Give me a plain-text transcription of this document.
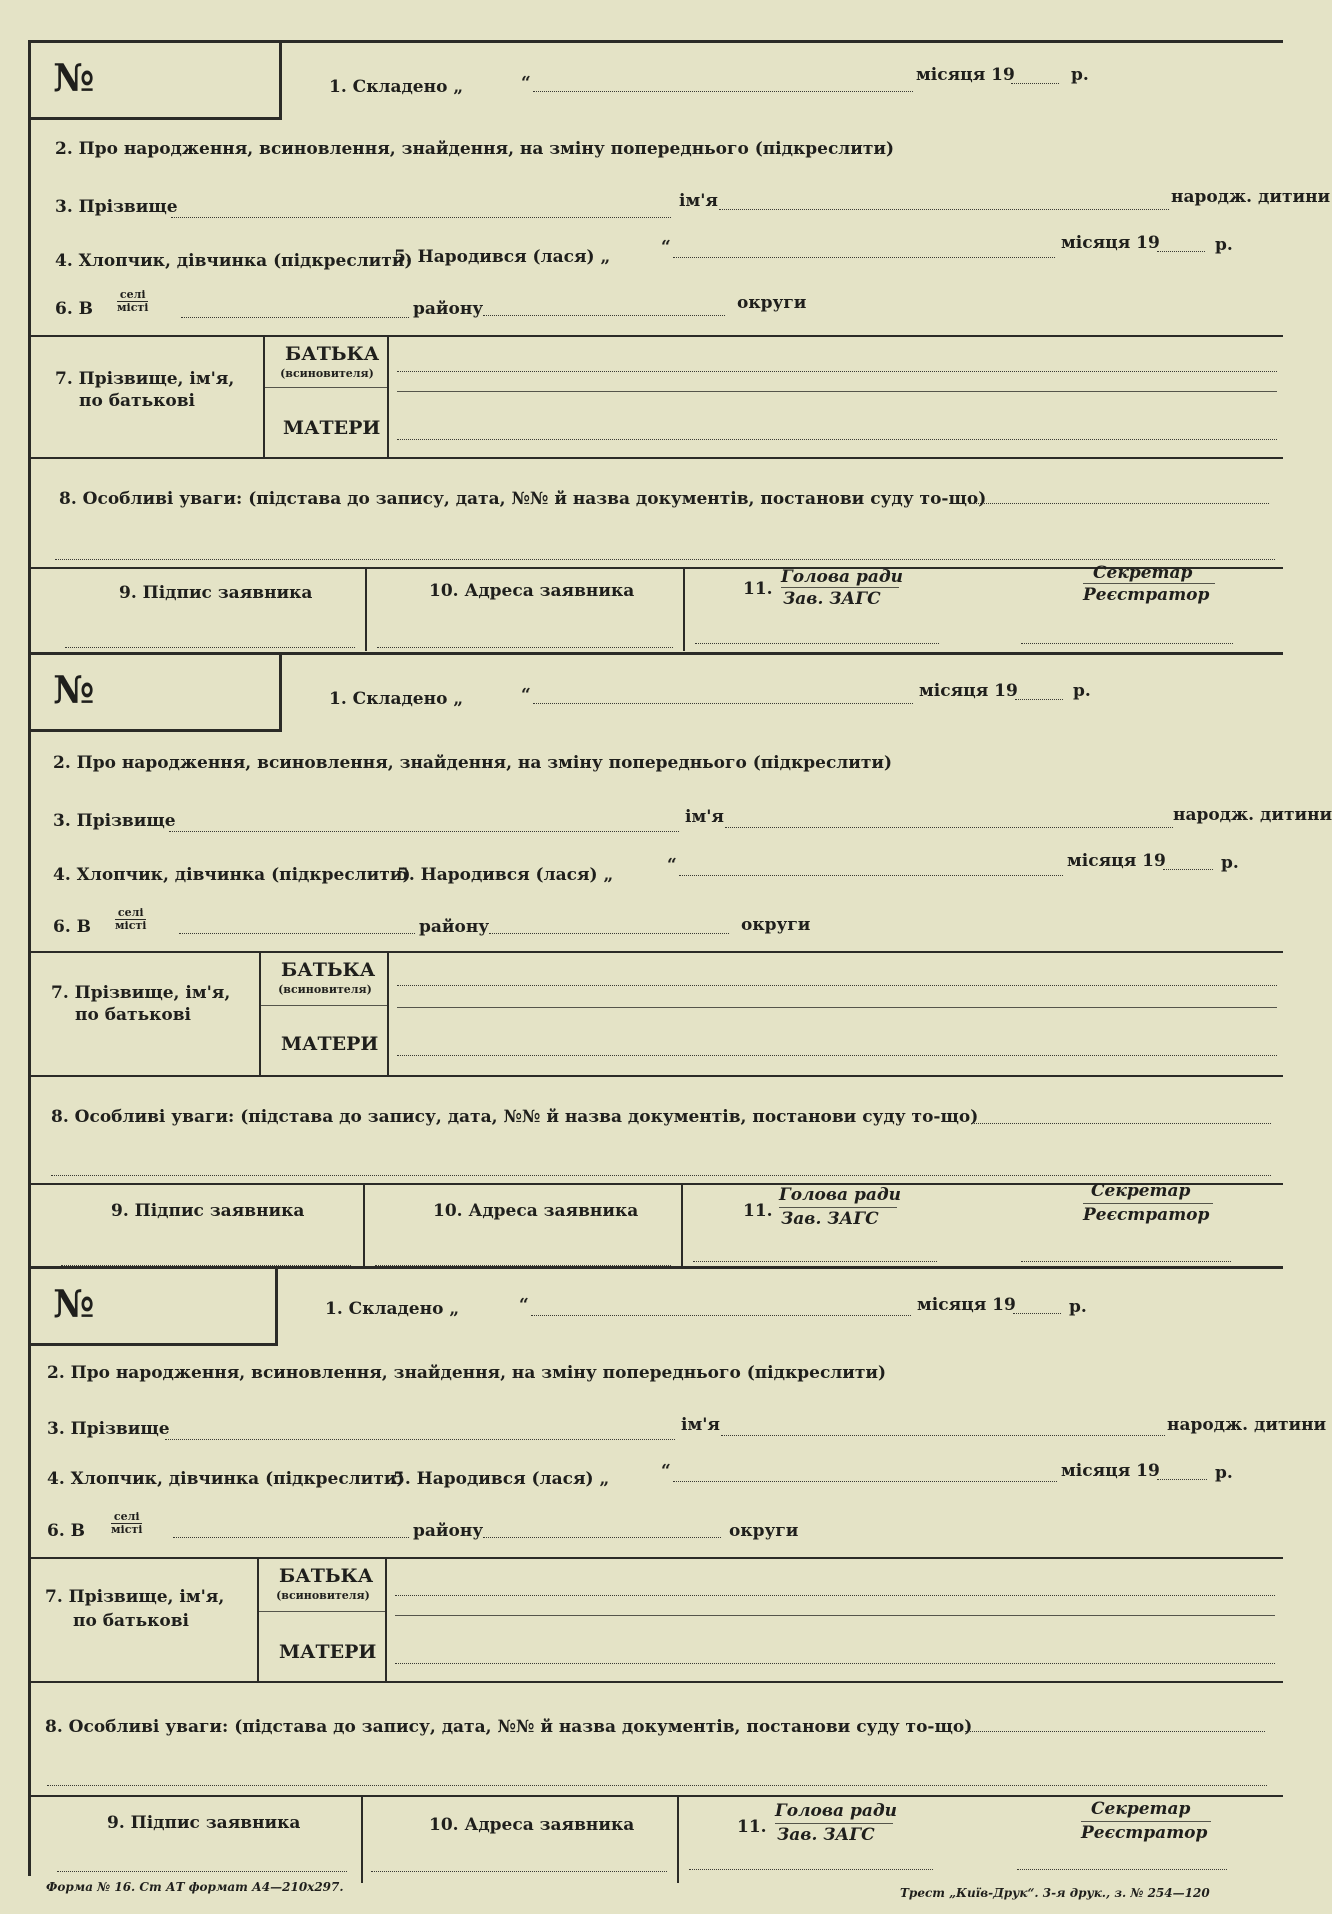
№	1. Складено „	“	місяця 19	р.
2. Про народження, всиновлення, знайдення, на зміну попереднього (підкреслити)
3. Прізвище	ім'я	народж. дитини
4. Хлопчик, дівчинка (підкреслити)
5. Народився (лася) „	“	місяця 19	р.
6. В
селі
місті	району	округи
7. Прізвище, ім'я,
по батькові
БАТЬКА
(всиновителя)
МАТЕРИ
8. Особливі уваги: (підстава до запису, дата, №№ й назва документів, постанови суду то-що)
9. Підпис заявника	10. Адреса заявника	11.
Голова ради
Зав. ЗАГС
Секретар
Реєстратор
№	1. Складено „	“	місяця 19	р.
2. Про народження, всиновлення, знайдення, на зміну попереднього (підкреслити)
3. Прізвище	ім'я	народж. дитини
4. Хлопчик, дівчинка (підкреслити)
5. Народився (лася) „	“	місяця 19	р.
6. В
селі
місті	району	округи
7. Прізвище, ім'я,
по батькові
БАТЬКА
(всиновителя)
МАТЕРИ
8. Особливі уваги: (підстава до запису, дата, №№ й назва документів, постанови суду то-що)
9. Підпис заявника	10. Адреса заявника	11.
Голова ради
Зав. ЗАГС
Секретар
Реєстратор
№	1. Складено „	“	місяця 19	р.
2. Про народження, всиновлення, знайдення, на зміну попереднього (підкреслити)
3. Прізвище	ім'я	народж. дитини
4. Хлопчик, дівчинка (підкреслити)
5. Народився (лася) „	“	місяця 19	р.
6. В
селі
місті	району	округи
7. Прізвище, ім'я,
по батькові
БАТЬКА
(всиновителя)
МАТЕРИ
8. Особливі уваги: (підстава до запису, дата, №№ й назва документів, постанови суду то-що)
9. Підпис заявника	10. Адреса заявника	11.
Голова ради
Зав. ЗАГС
Секретар
Реєстратор
Форма № 16. Ст АТ формат А4—210х297.	Трест „Київ-Друк“. 3-я друк., з. № 254—120
